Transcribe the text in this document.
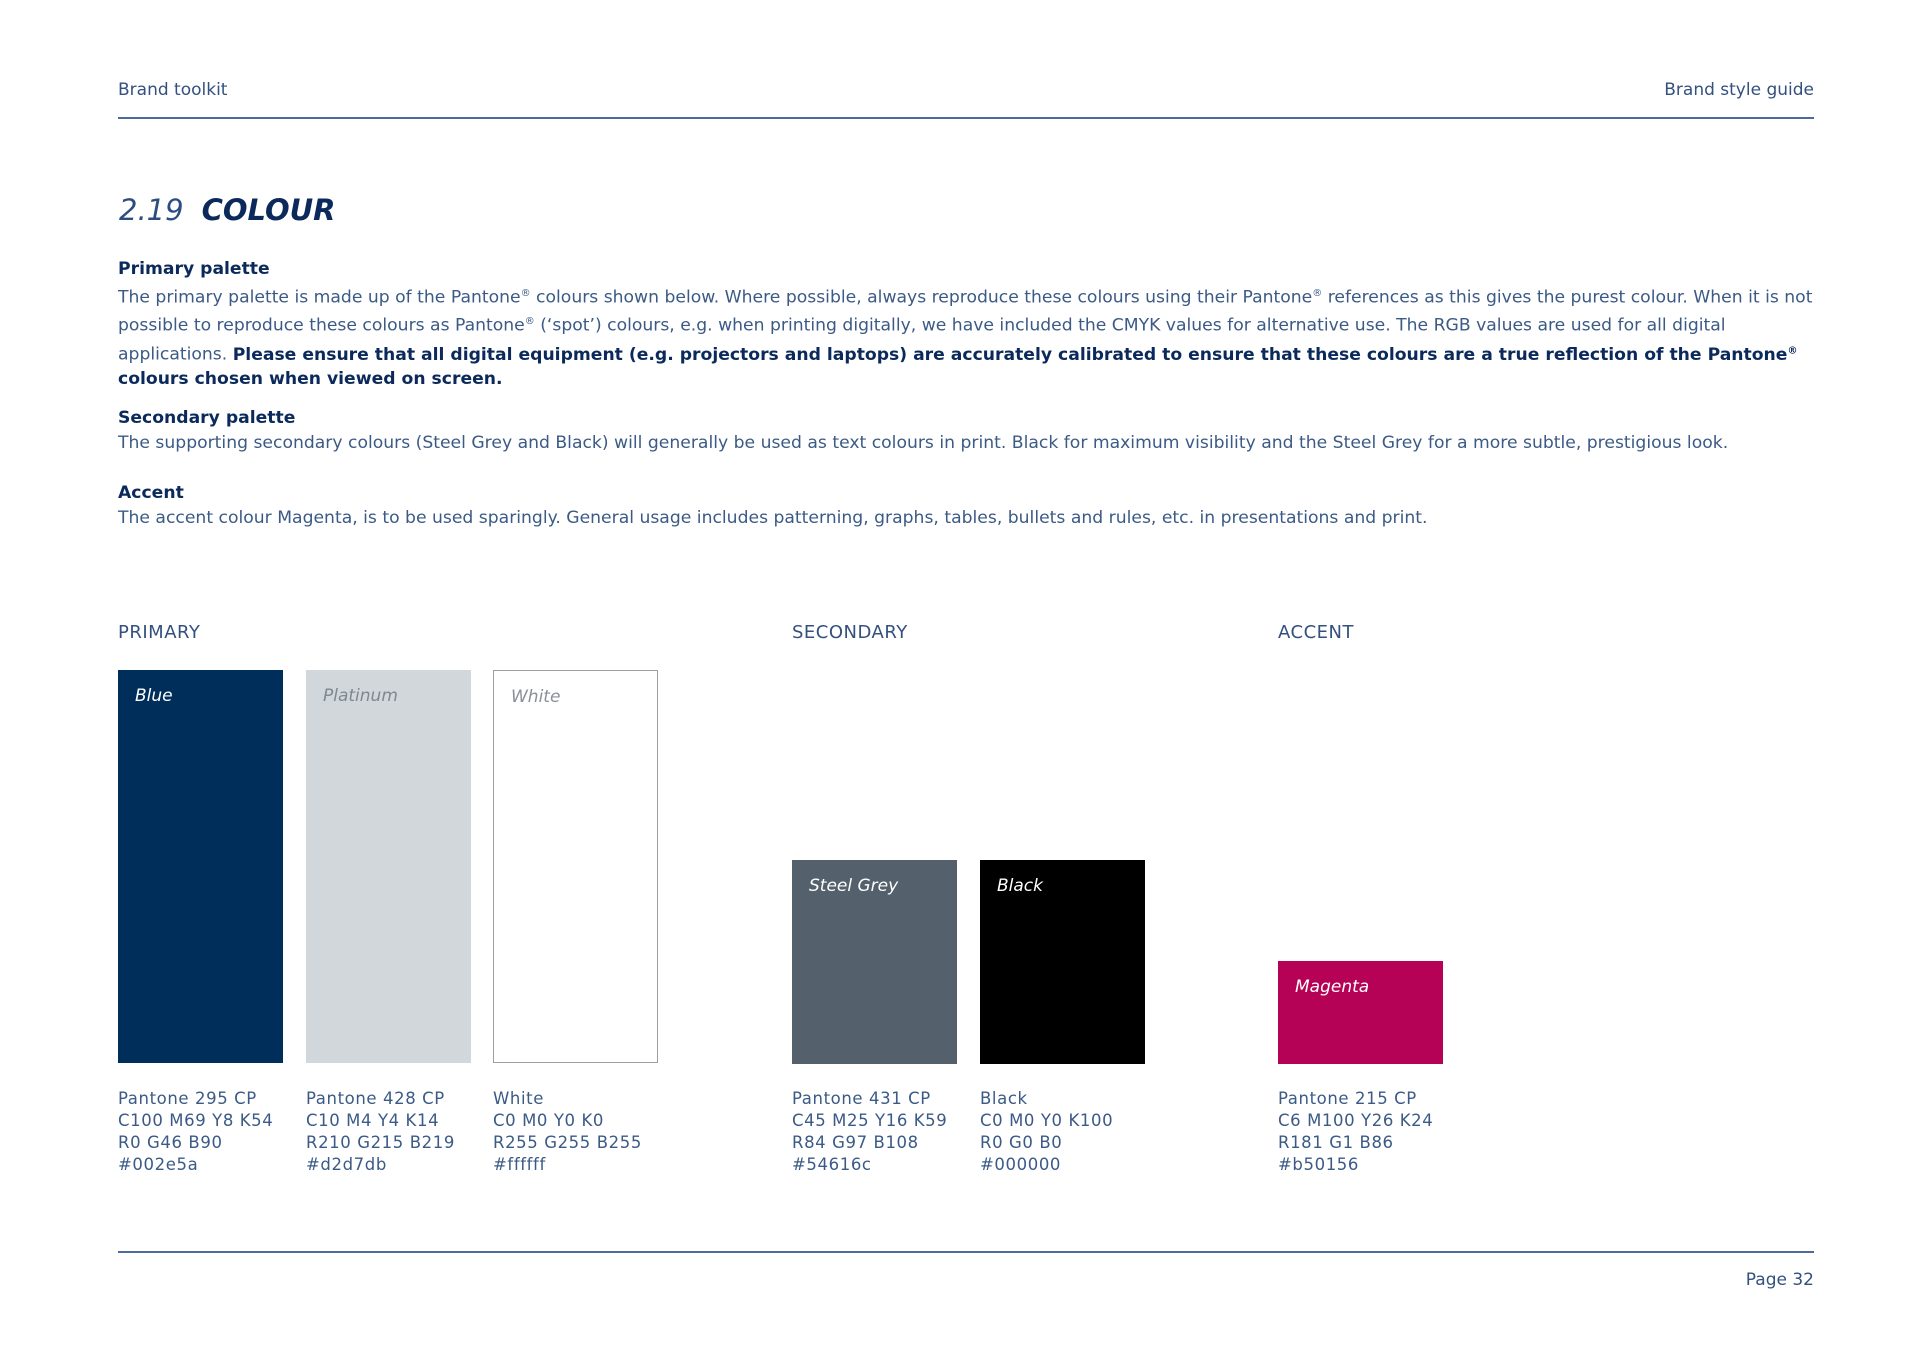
Brand toolkit	Brand style guide
2.19 COLOUR
Primary palette
The primary palette is made up of the Pantone® colours shown below. Where possible, always reproduce these colours using their Pantone® references as this gives the purest colour. When it is not possible to reproduce these colours as Pantone® (‘spot’) colours, e.g. when printing digitally, we have included the CMYK values for alternative use. The RGB values are used for all digital applications. Please ensure that all digital equipment (e.g. projectors and laptops) are accurately calibrated to ensure that these colours are a true reflection of the Pantone® colours chosen when viewed on screen.
Secondary palette
The supporting secondary colours (Steel Grey and Black) will generally be used as text colours in print. Black for maximum visibility and the Steel Grey for a more subtle, prestigious look.
Accent
The accent colour Magenta, is to be used sparingly. General usage includes patterning, graphs, tables, bullets and rules, etc. in presentations and print.
PRIMARY	SECONDARY	ACCENT
Blue	Platinum	White
Steel Grey	Black
Magenta
Pantone 295 CP
C100 M69 Y8 K54
R0 G46 B90
#002e5a
Pantone 428 CP
C10 M4 Y4 K14
R210 G215 B219
#d2d7db
White
C0 M0 Y0 K0
R255 G255 B255
#ffffff
Pantone 431 CP
C45 M25 Y16 K59
R84 G97 B108
#54616c
Black
C0 M0 Y0 K100
R0 G0 B0
#000000
Pantone 215 CP
C6 M100 Y26 K24
R181 G1 B86
#b50156
Page 32
